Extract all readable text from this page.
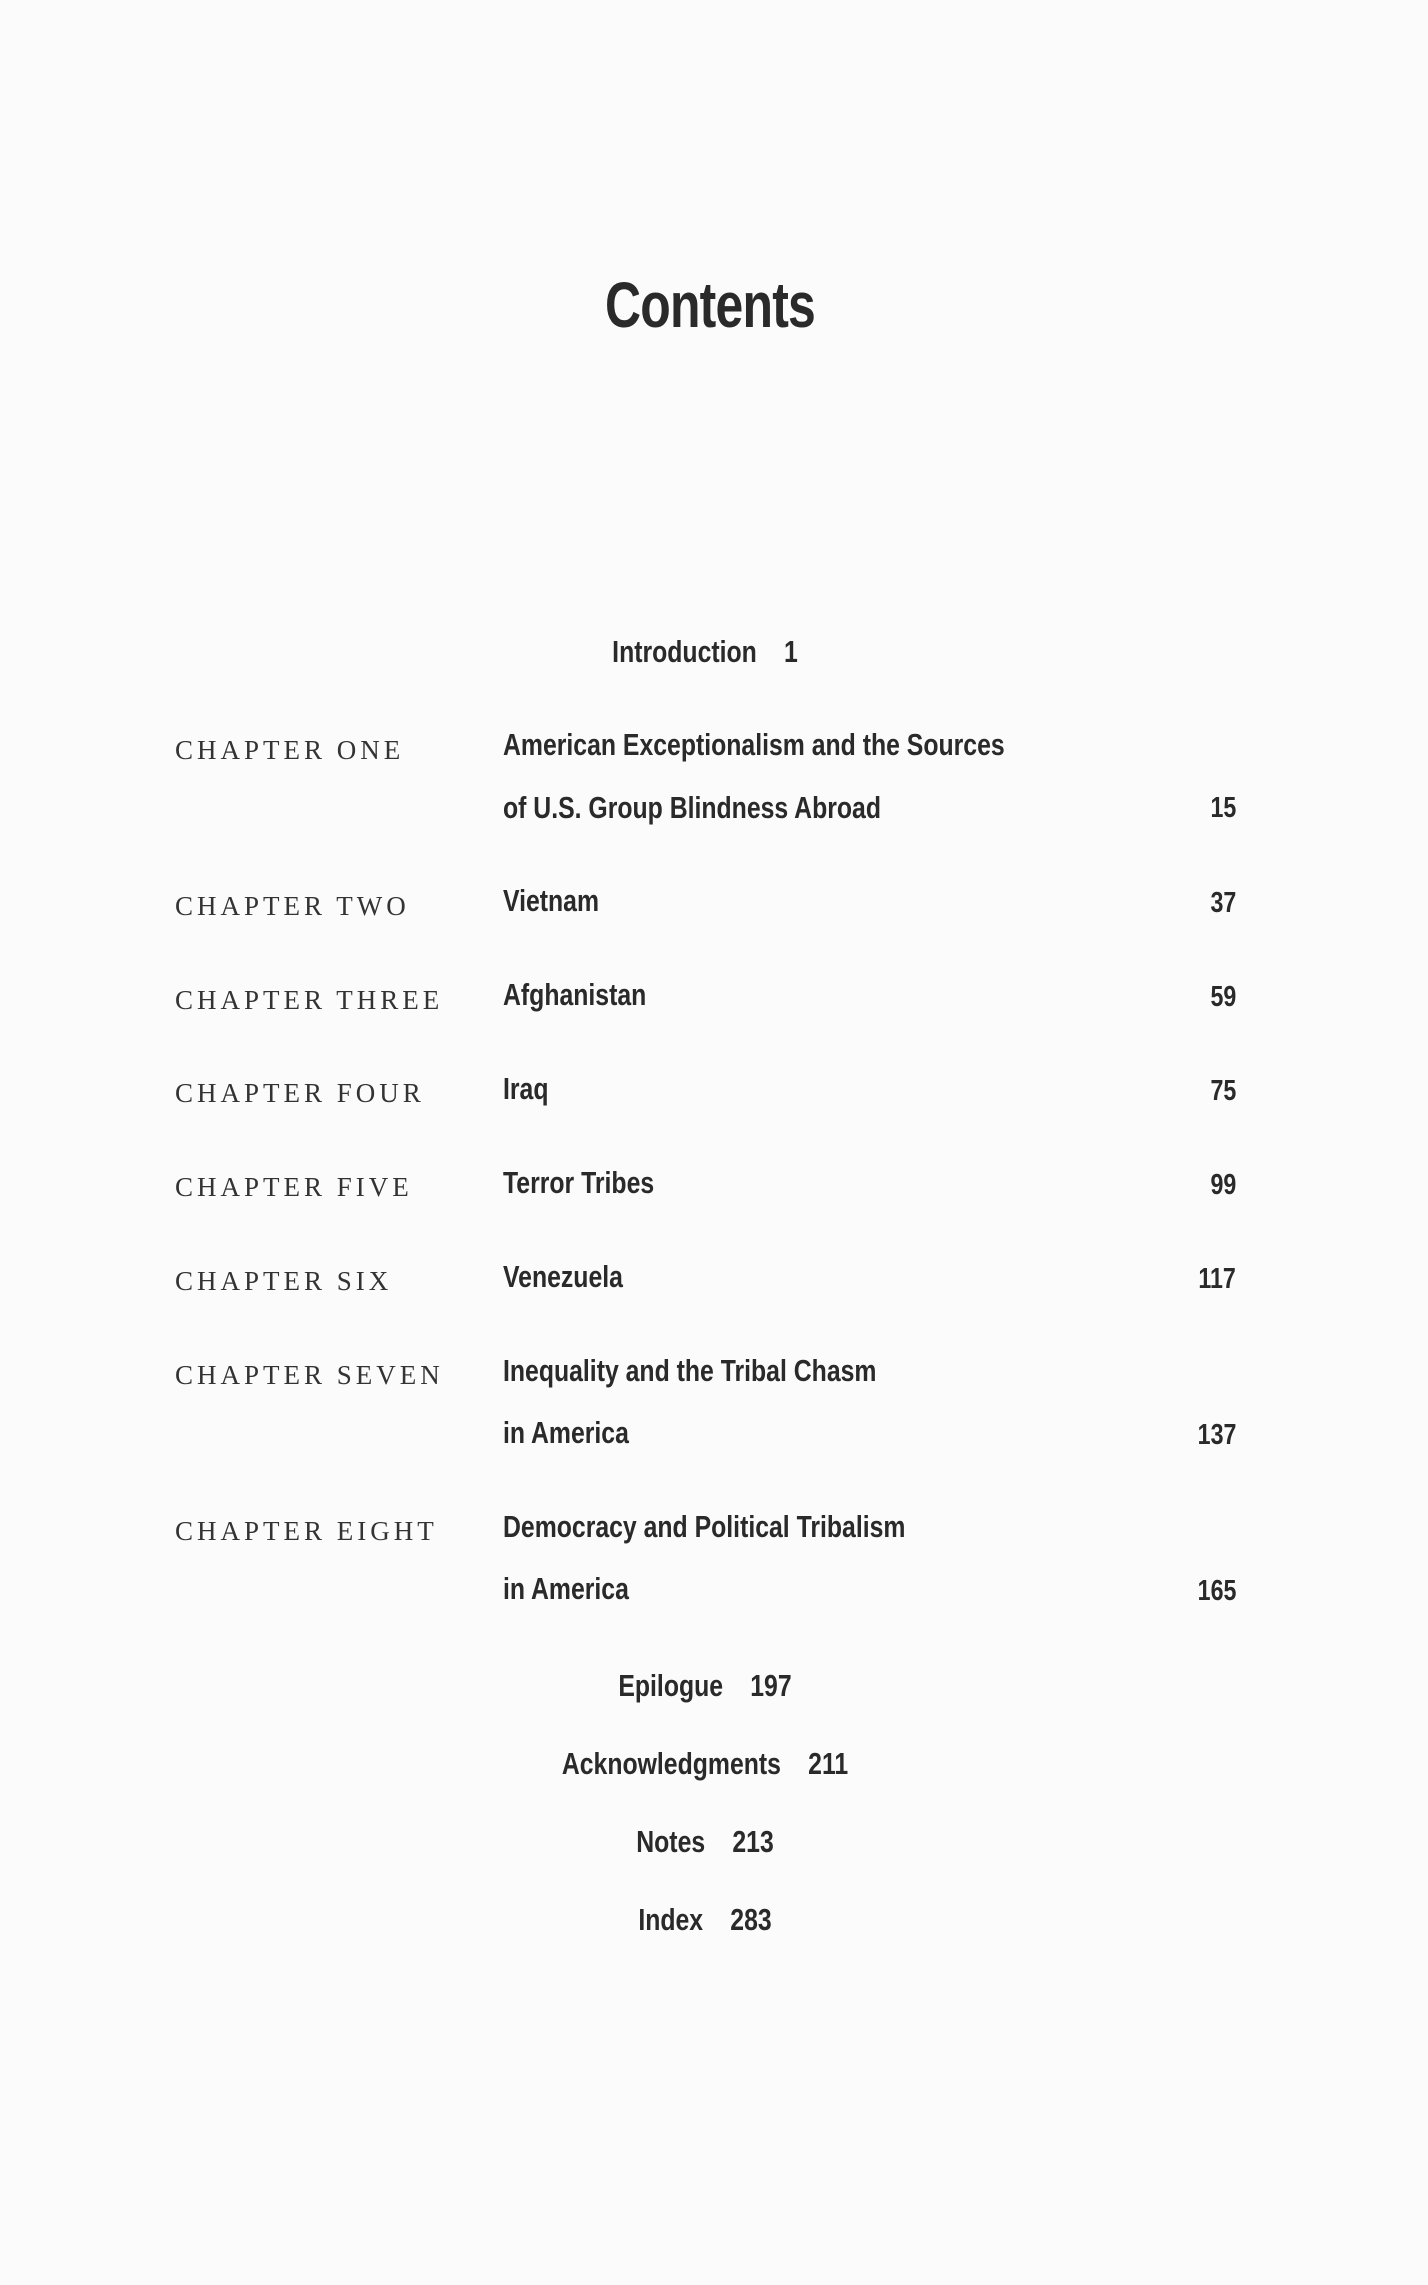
Contents
Introduction 1
CHAPTER ONE	American Exceptionalism and the Sources
of U.S. Group Blindness Abroad	15
CHAPTER TWO	Vietnam	37
CHAPTER THREE Afghanistan	59
CHAPTER FOUR	Iraq	75
CHAPTER FIVE	Terror Tribes	99
CHAPTER SIX	Venezuela	117
CHAPTER SEVEN Inequality and the Tribal Chasm
in America	137
CHAPTER EIGHT Democracy and Political Tribalism
in America	165
Epilogue 197
Acknowledgments 211
Notes 213
Index 283
